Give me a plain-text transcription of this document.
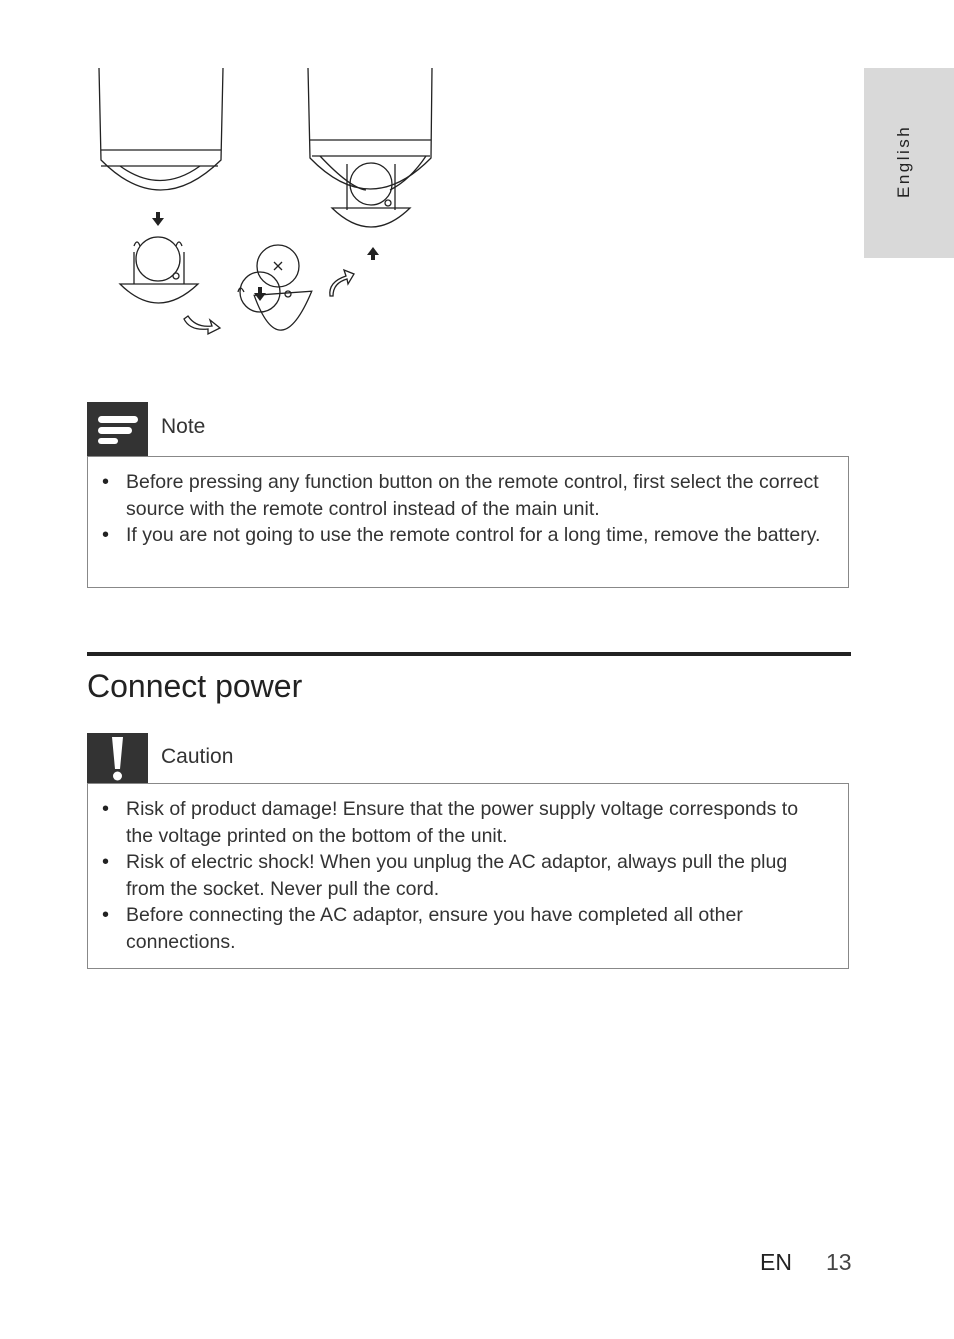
English
Note
• Before pressing any function button on the remote control, first select the correct source with the remote control instead of the main unit.
• If you are not going to use the remote control for a long time, remove the battery.
Connect power
Caution
• Risk of product damage! Ensure that the power supply voltage corresponds to the voltage printed on the bottom of the unit.
• Risk of electric shock! When you unplug the AC adaptor, always pull the plug from the socket. Never pull the cord.
• Before connecting the AC adaptor, ensure you have completed all other connections.
EN 13
